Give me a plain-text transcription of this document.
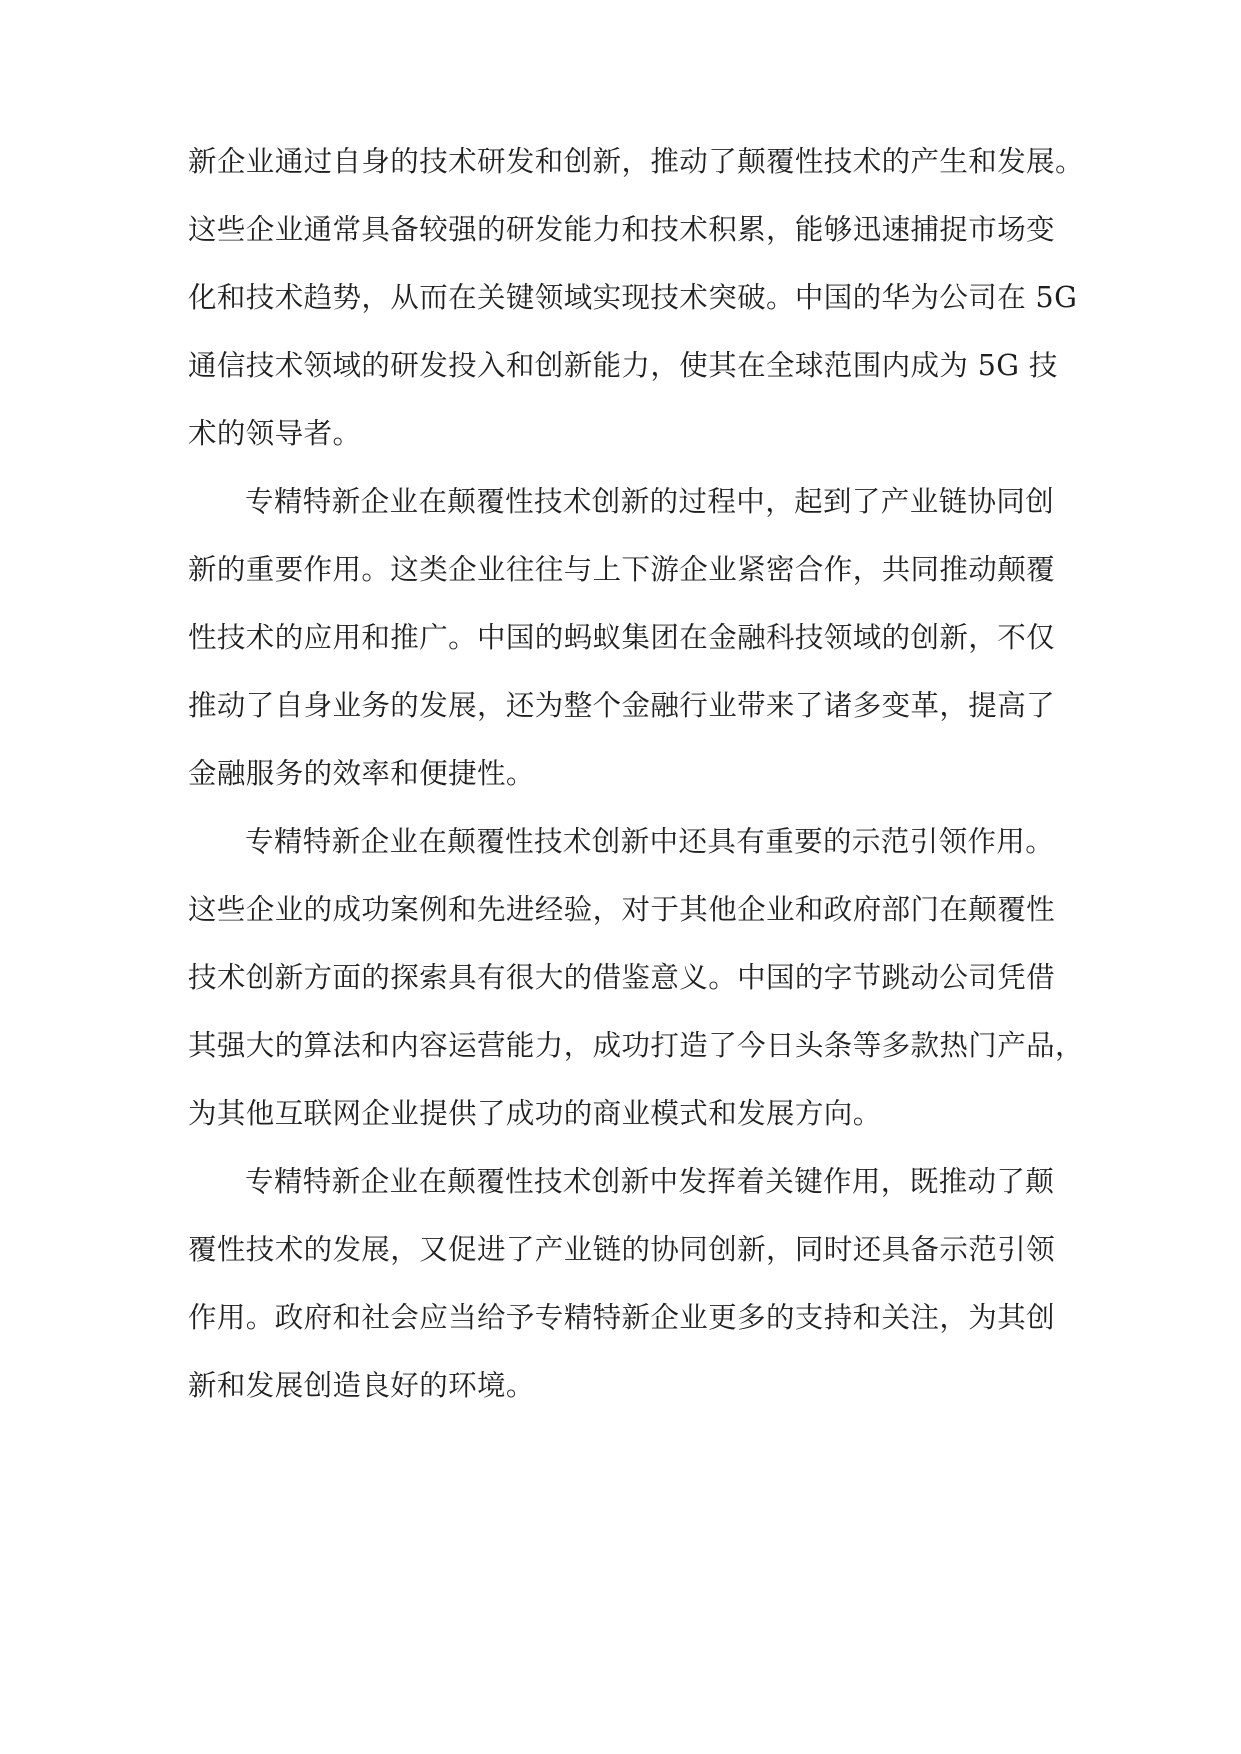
新企业通过自身的技术研发和创新，推动了颠覆性技术的产生和发展。
这些企业通常具备较强的研发能力和技术积累，能够迅速捕捉市场变
化和技术趋势，从而在关键领域实现技术突破。中国的华为公司在 5G
通信技术领域的研发投入和创新能力，使其在全球范围内成为 5G 技
术的领导者。

专精特新企业在颠覆性技术创新的过程中，起到了产业链协同创
新的重要作用。这类企业往往与上下游企业紧密合作，共同推动颠覆
性技术的应用和推广。中国的蚂蚁集团在金融科技领域的创新，不仅
推动了自身业务的发展，还为整个金融行业带来了诸多变革，提高了
金融服务的效率和便捷性。

专精特新企业在颠覆性技术创新中还具有重要的示范引领作用。
这些企业的成功案例和先进经验，对于其他企业和政府部门在颠覆性
技术创新方面的探索具有很大的借鉴意义。中国的字节跳动公司凭借
其强大的算法和内容运营能力，成功打造了今日头条等多款热门产品，
为其他互联网企业提供了成功的商业模式和发展方向。

专精特新企业在颠覆性技术创新中发挥着关键作用，既推动了颠
覆性技术的发展，又促进了产业链的协同创新，同时还具备示范引领
作用。政府和社会应当给予专精特新企业更多的支持和关注，为其创
新和发展创造良好的环境。
